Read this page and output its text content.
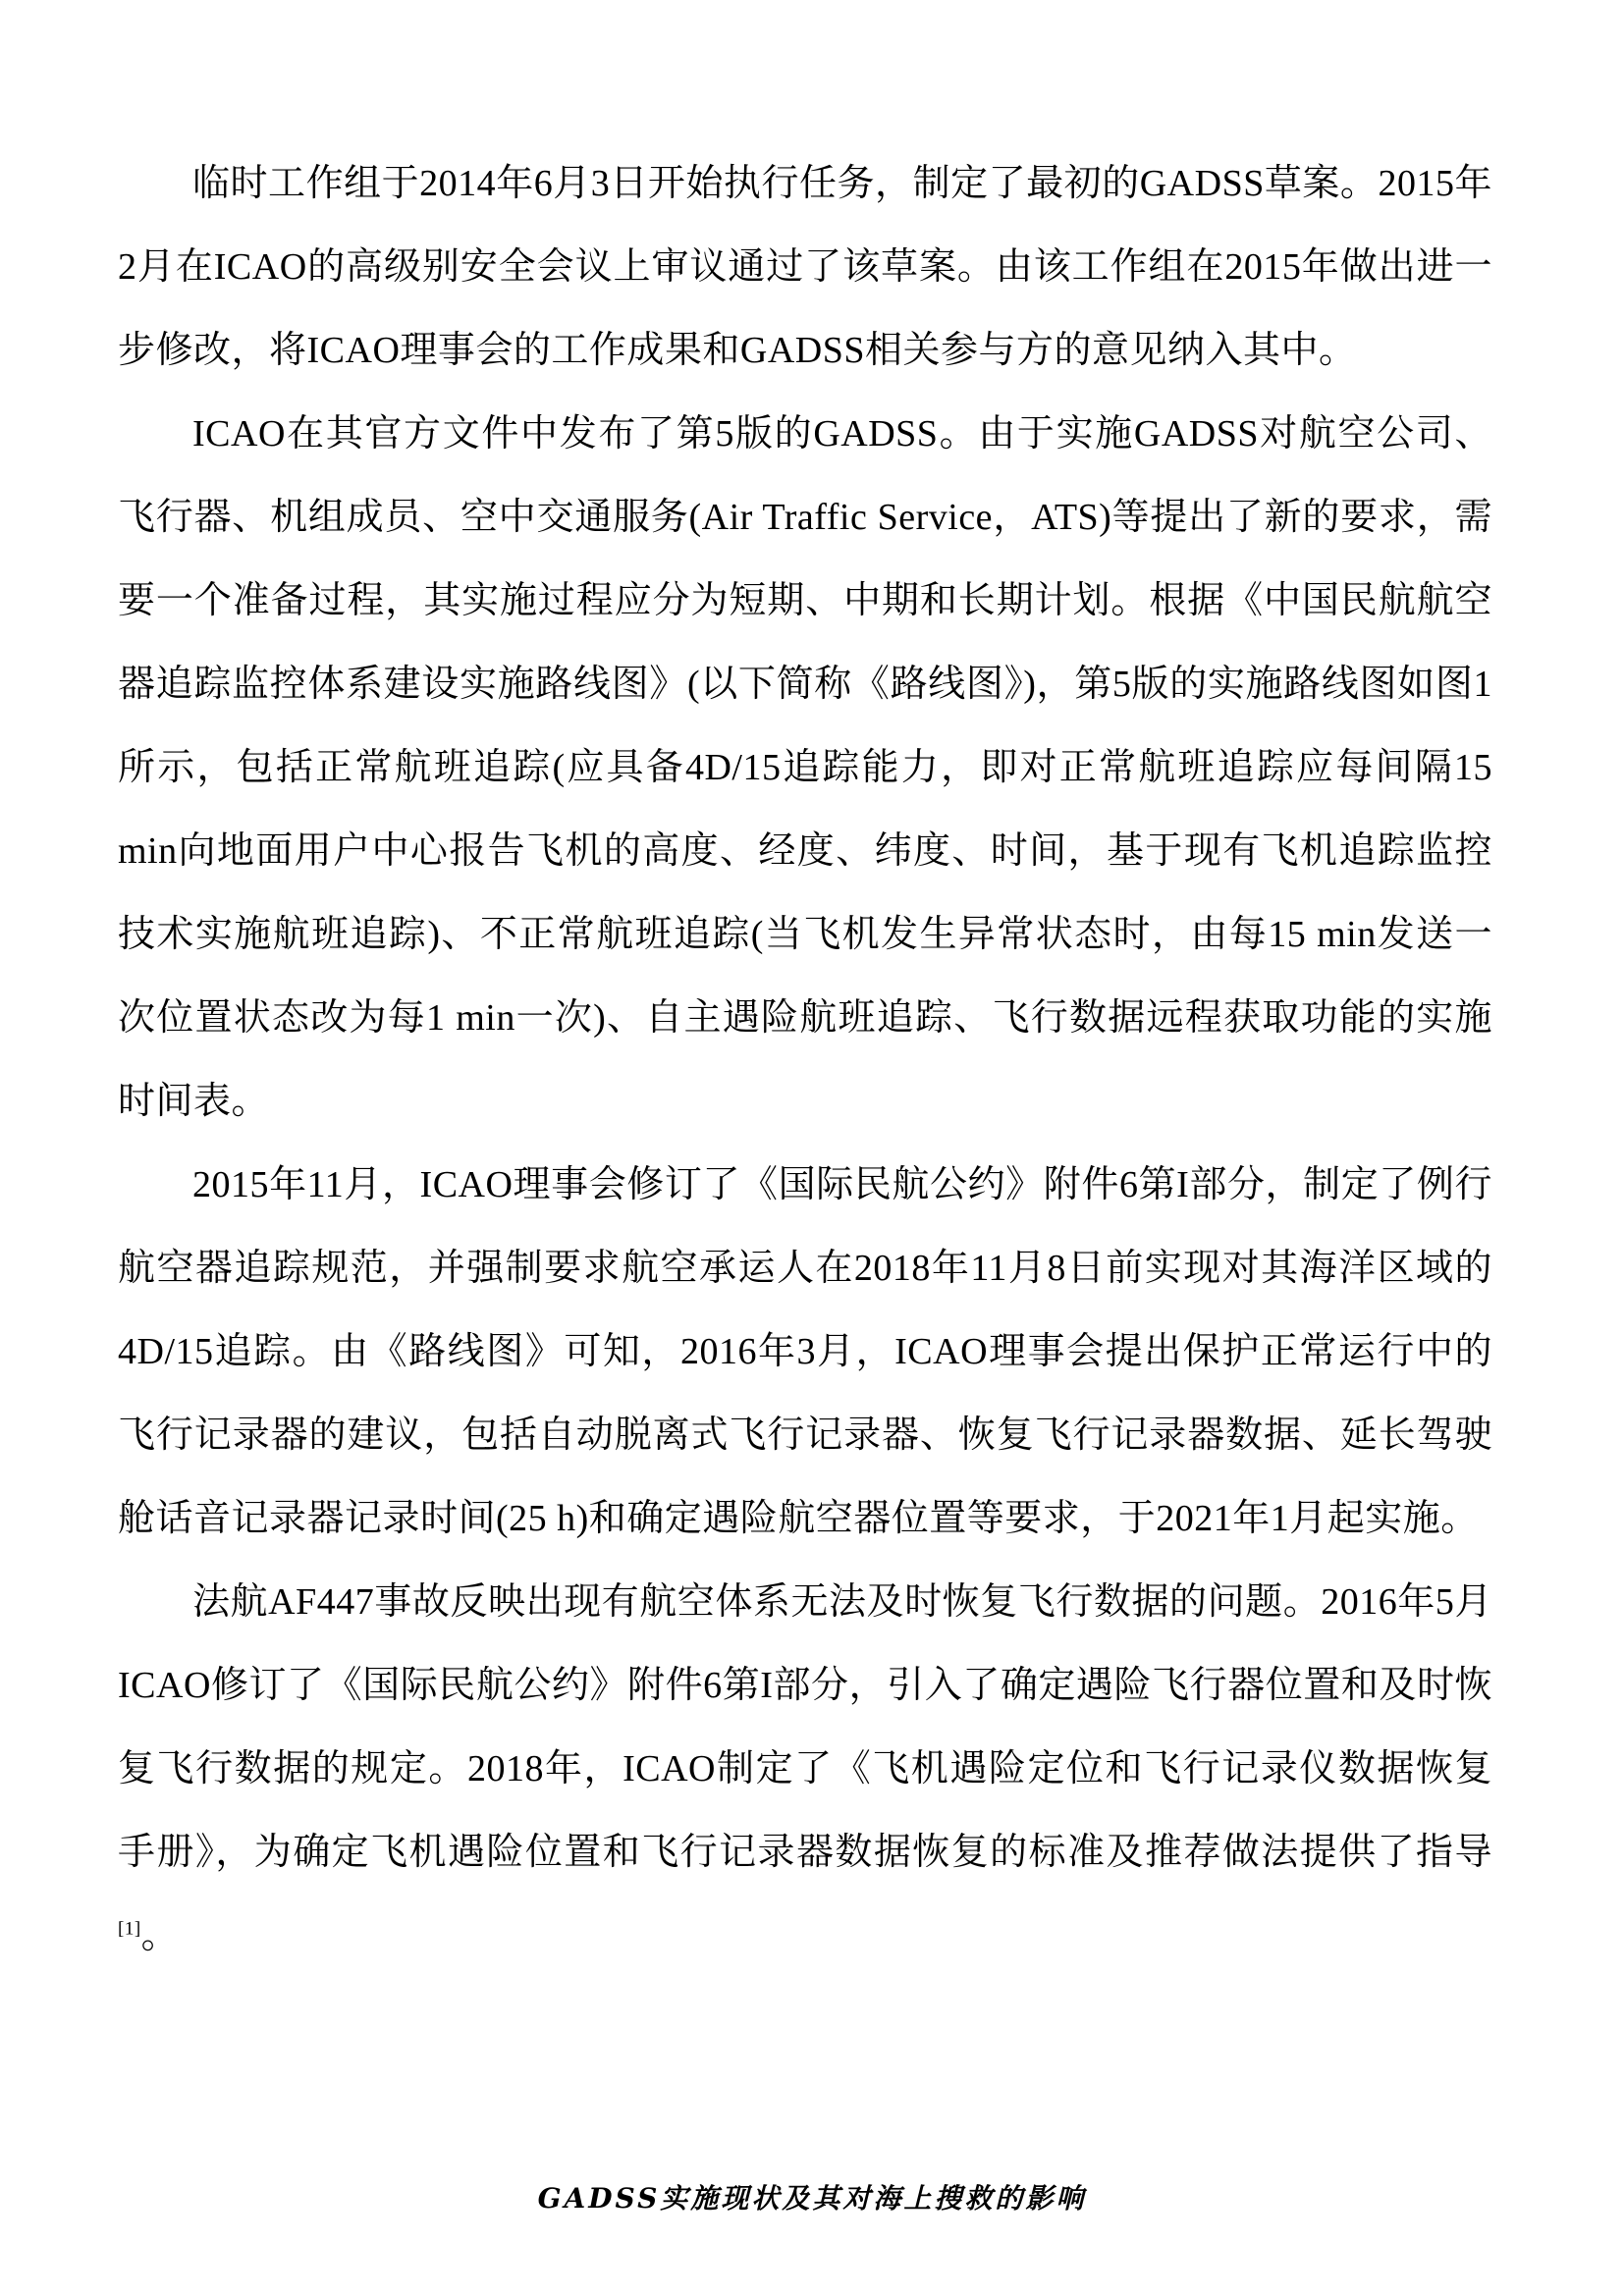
临时工作组于2014年6月3日开始执行任务，制定了最初的GADSS草案。2015年2月在ICAO的高级别安全会议上审议通过了该草案。由该工作组在2015年做出进一步修改，将ICAO理事会的工作成果和GADSS相关参与方的意见纳入其中。

ICAO在其官方文件中发布了第5版的GADSS。由于实施GADSS对航空公司、飞行器、机组成员、空中交通服务(Air Traffic Service，ATS)等提出了新的要求，需要一个准备过程，其实施过程应分为短期、中期和长期计划。根据《中国民航航空器追踪监控体系建设实施路线图》(以下简称《路线图》)，第5版的实施路线图如图1所示，包括正常航班追踪(应具备4D/15追踪能力，即对正常航班追踪应每间隔15 min向地面用户中心报告飞机的高度、经度、纬度、时间，基于现有飞机追踪监控技术实施航班追踪)、不正常航班追踪(当飞机发生异常状态时，由每15 min发送一次位置状态改为每1 min一次)、自主遇险航班追踪、飞行数据远程获取功能的实施时间表。

2015年11月，ICAO理事会修订了《国际民航公约》附件6第I部分，制定了例行航空器追踪规范，并强制要求航空承运人在2018年11月8日前实现对其海洋区域的4D/15追踪。由《路线图》可知，2016年3月，ICAO理事会提出保护正常运行中的飞行记录器的建议，包括自动脱离式飞行记录器、恢复飞行记录器数据、延长驾驶舱话音记录器记录时间(25 h)和确定遇险航空器位置等要求，于2021年1月起实施。

法航AF447事故反映出现有航空体系无法及时恢复飞行数据的问题。2016年5月ICAO修订了《国际民航公约》附件6第I部分，引入了确定遇险飞行器位置和及时恢复飞行数据的规定。2018年，ICAO制定了《飞机遇险定位和飞行记录仪数据恢复手册》，为确定飞机遇险位置和飞行记录器数据恢复的标准及推荐做法提供了指导[1]。

GADSS实施现状及其对海上搜救的影响
